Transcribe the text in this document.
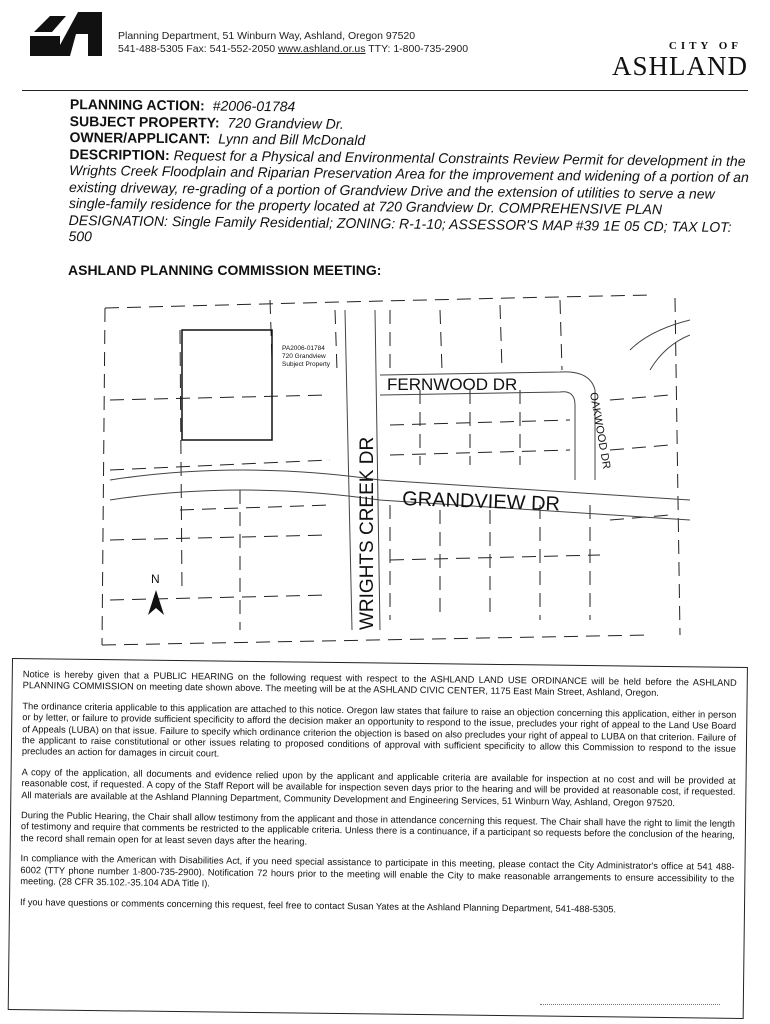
Planning Department, 51 Winburn Way, Ashland, Oregon 97520
541-488-5305 Fax: 541-552-2050 www.ashland.or.us TTY: 1-800-735-2900	CITY OF
ASHLAND
PLANNING ACTION: #2006-01784
SUBJECT PROPERTY: 720 Grandview Dr.
OWNER/APPLICANT: Lynn and Bill McDonald
DESCRIPTION: Request for a Physical and Environmental Constraints Review Permit for development in the Wrights Creek Floodplain and Riparian Preservation Area for the improvement and widening of a portion of an existing driveway, re-grading of a portion of Grandview Drive and the extension of utilities to serve a new single-family residence for the property located at 720 Grandview Dr. COMPREHENSIVE PLAN DESIGNATION: Single Family Residential; ZONING: R-1-10; ASSESSOR'S MAP #39 1E 05 CD; TAX LOT: 500
ASHLAND PLANNING COMMISSION MEETING:
PA2006-01784
720 Grandview
Subject Property
FERNWOOD DR
OAKWOOD DR
WRIGHTS CREEK DR GRANDVIEW DR
N

Notice is hereby given that a PUBLIC HEARING on the following request with respect to the ASHLAND LAND USE ORDINANCE will be held before the ASHLAND PLANNING COMMISSION on meeting date shown above. The meeting will be at the ASHLAND CIVIC CENTER, 1175 East Main Street, Ashland, Oregon.

The ordinance criteria applicable to this application are attached to this notice. Oregon law states that failure to raise an objection concerning this application, either in person or by letter, or failure to provide sufficient specificity to afford the decision maker an opportunity to respond to the issue, precludes your right of appeal to the Land Use Board of Appeals (LUBA) on that issue. Failure to specify which ordinance criterion the objection is based on also precludes your right of appeal to LUBA on that criterion. Failure of the applicant to raise constitutional or other issues relating to proposed conditions of approval with sufficient specificity to allow this Commission to respond to the issue precludes an action for damages in circuit court.

A copy of the application, all documents and evidence relied upon by the applicant and applicable criteria are available for inspection at no cost and will be provided at reasonable cost, if requested. A copy of the Staff Report will be available for inspection seven days prior to the hearing and will be provided at reasonable cost, if requested. All materials are available at the Ashland Planning Department, Community Development and Engineering Services, 51 Winburn Way, Ashland, Oregon 97520.

During the Public Hearing, the Chair shall allow testimony from the applicant and those in attendance concerning this request. The Chair shall have the right to limit the length of testimony and require that comments be restricted to the applicable criteria. Unless there is a continuance, if a participant so requests before the conclusion of the hearing, the record shall remain open for at least seven days after the hearing.

In compliance with the American with Disabilities Act, if you need special assistance to participate in this meeting, please contact the City Administrator's office at 541 488-6002 (TTY phone number 1-800-735-2900). Notification 72 hours prior to the meeting will enable the City to make reasonable arrangements to ensure accessibility to the meeting. (28 CFR 35.102.-35.104 ADA Title I).

If you have questions or comments concerning this request, feel free to contact Susan Yates at the Ashland Planning Department, 541-488-5305.
